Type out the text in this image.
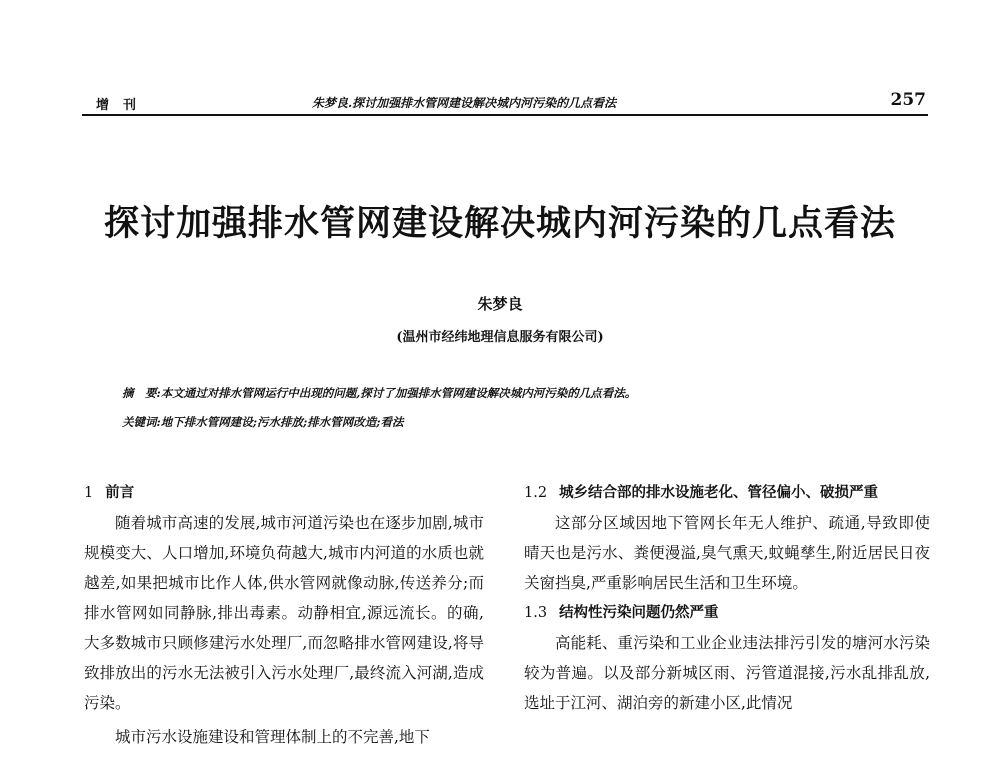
增刊	朱梦良.探讨加强排水管网建设解决城内河污染的几点看法	257
探讨加强排水管网建设解决城内河污染的几点看法
朱梦良
(温州市经纬地理信息服务有限公司)
摘　要:本文通过对排水管网运行中出现的问题,探讨了加强排水管网建设解决城内河污染的几点看法。
关键词:地下排水管网建设;污水排放;排水管网改造;看法
1 前言

随着城市高速的发展,城市河道污染也在逐步加剧,城市规模变大、人口增加,环境负荷越大,城市内河道的水质也就越差,如果把城市比作人体,供水管网就像动脉,传送养分;而排水管网如同静脉,排出毒素。动静相宜,源远流长。的确,大多数城市只顾修建污水处理厂,而忽略排水管网建设,将导致排放出的污水无法被引入污水处理厂,最终流入河湖,造成污染。

城市污水设施建设和管理体制上的不完善,地下

1.2 城乡结合部的排水设施老化、管径偏小、破损严重

这部分区域因地下管网长年无人维护、疏通,导致即使晴天也是污水、粪便漫溢,臭气熏天,蚊蝇孳生,附近居民日夜关窗挡臭,严重影响居民生活和卫生环境。

1.3 结构性污染问题仍然严重

高能耗、重污染和工业企业违法排污引发的塘河水污染较为普遍。以及部分新城区雨、污管道混接,污水乱排乱放,选址于江河、湖泊旁的新建小区,此情况
